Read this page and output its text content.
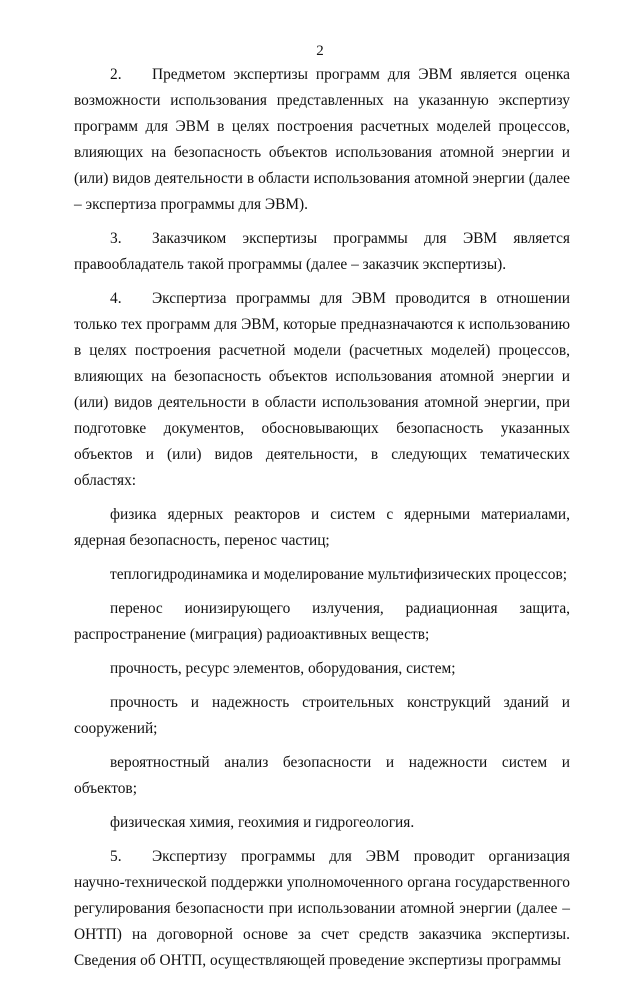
2

2. Предметом экспертизы программ для ЭВМ является оценка возможности использования представленных на указанную экспертизу программ для ЭВМ в целях построения расчетных моделей процессов, влияющих на безопасность объектов использования атомной энергии и (или) видов деятельности в области использования атомной энергии (далее – экспертиза программы для ЭВМ).

3. Заказчиком экспертизы программы для ЭВМ является правообладатель такой программы (далее – заказчик экспертизы).

4. Экспертиза программы для ЭВМ проводится в отношении только тех программ для ЭВМ, которые предназначаются к использованию в целях построения расчетной модели (расчетных моделей) процессов, влияющих на безопасность объектов использования атомной энергии и (или) видов деятельности в области использования атомной энергии, при подготовке документов, обосновывающих безопасность указанных объектов и (или) видов деятельности, в следующих тематических областях:

физика ядерных реакторов и систем с ядерными материалами, ядерная безопасность, перенос частиц;

теплогидродинамика и моделирование мультифизических процессов;

перенос ионизирующего излучения, радиационная защита, распространение (миграция) радиоактивных веществ;

прочность, ресурс элементов, оборудования, систем;

прочность и надежность строительных конструкций зданий и сооружений;

вероятностный анализ безопасности и надежности систем и объектов;

физическая химия, геохимия и гидрогеология.

5. Экспертизу программы для ЭВМ проводит организация научно-технической поддержки уполномоченного органа государственного регулирования безопасности при использовании атомной энергии (далее – ОНТП) на договорной основе за счет средств заказчика экспертизы. Сведения об ОНТП, осуществляющей проведение экспертизы программы
